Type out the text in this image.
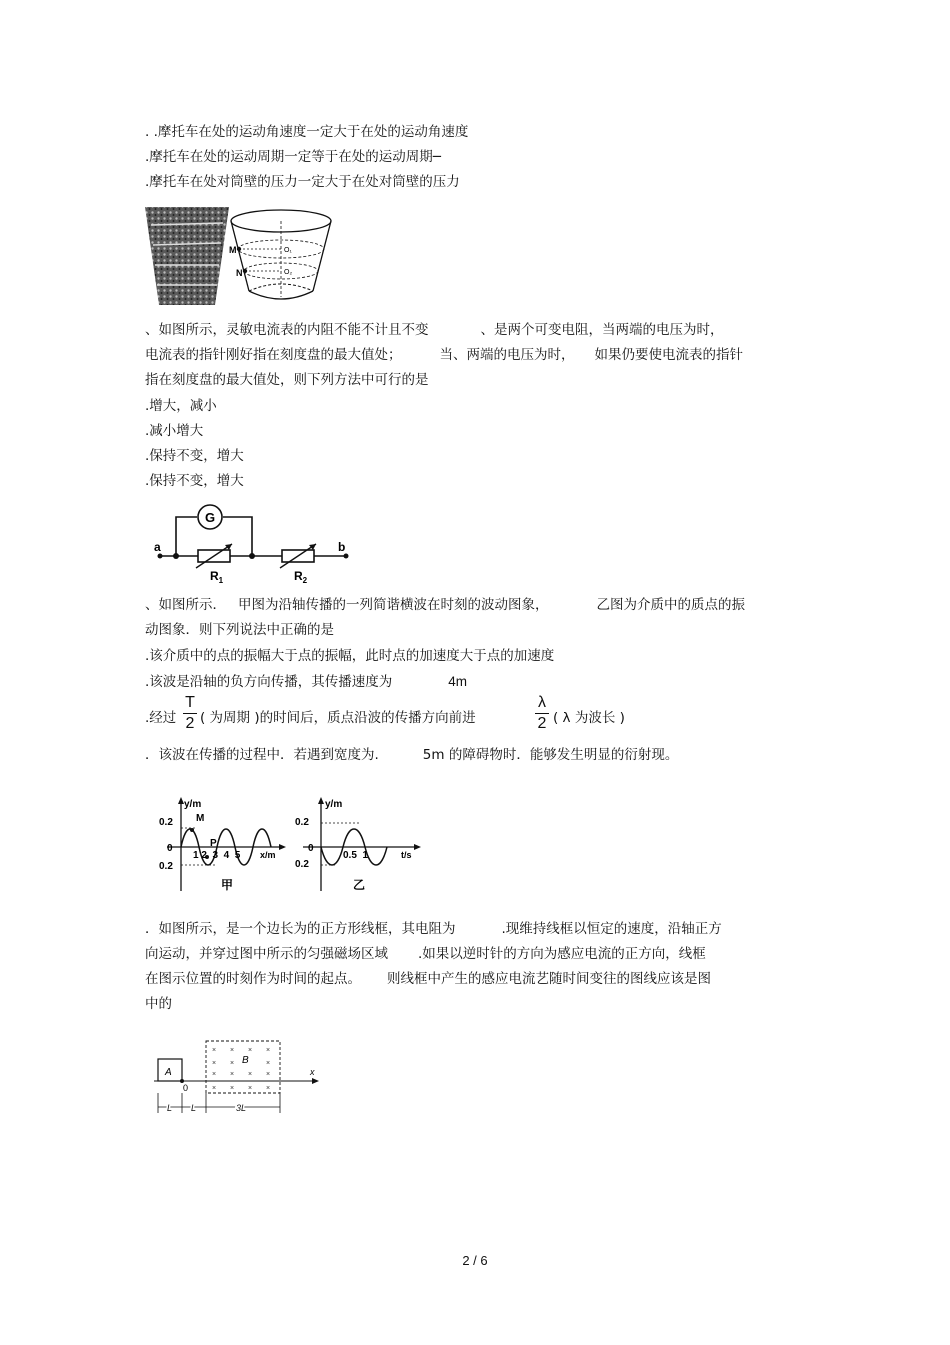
. .摩托车在处的运动角速度一定大于在处的运动角速度
.摩托车在处的运动周期一定等于在处的运动周期─
.摩托车在处对筒壁的压力一定大于在处对筒壁的压力
M
N
O₁
O₂
、如图所示，灵敏电流表的内阻不能不计且不变	、是两个可变电阻，当两端的电压为时，
电流表的指针刚好指在刻度盘的最大值处；	当、两端的电压为时， 如果仍要使电流表的指针
指在刻度盘的最大值处，则下列方法中可行的是
.增大，减小
.减小增大
.保持不变，增大
.保持不变，增大
G
a	b
$R_1$	$R_2$
、如图所示． 甲图为沿轴传播的一列简谐横波在时刻的波动图象，	乙图为介质中的质点的振
动图象．则下列说法中正确的是
.该介质中的点的振幅大于点的振幅，此时点的加速度大于点的加速度
.该波是沿轴的负方向传播，其传播速度为	4m
.经过
T
2 ( 为周期 )的时间后，质点沿波的传播方向前进
λ
2 ( λ 为波长 )
．该波在传播的过程中．若遇到宽度为.	5m 的障碍物时．能够发生明显的衍射现。
y/m
0.2
0
0.2
M
P
1 2  3  4  5 x/m
甲
y/m
0.2
0
0.2
0.5  1	t/s
乙
．如图所示，是一个边长为的正方形线框，其电阻为	.现维持线框以恒定的速度，沿轴正方
向运动，并穿过图中所示的匀强磁场区域 .如果以逆时针的方向为感应电流的正方向，线框
在图示位置的时刻作为时间的起点。 则线框中产生的感应电流艺随时间变往的图线应该是图
中的
x
A
0
× × × ×
× ×	×
× × × ×
× × × ×
B
L L	3L
2 / 6
